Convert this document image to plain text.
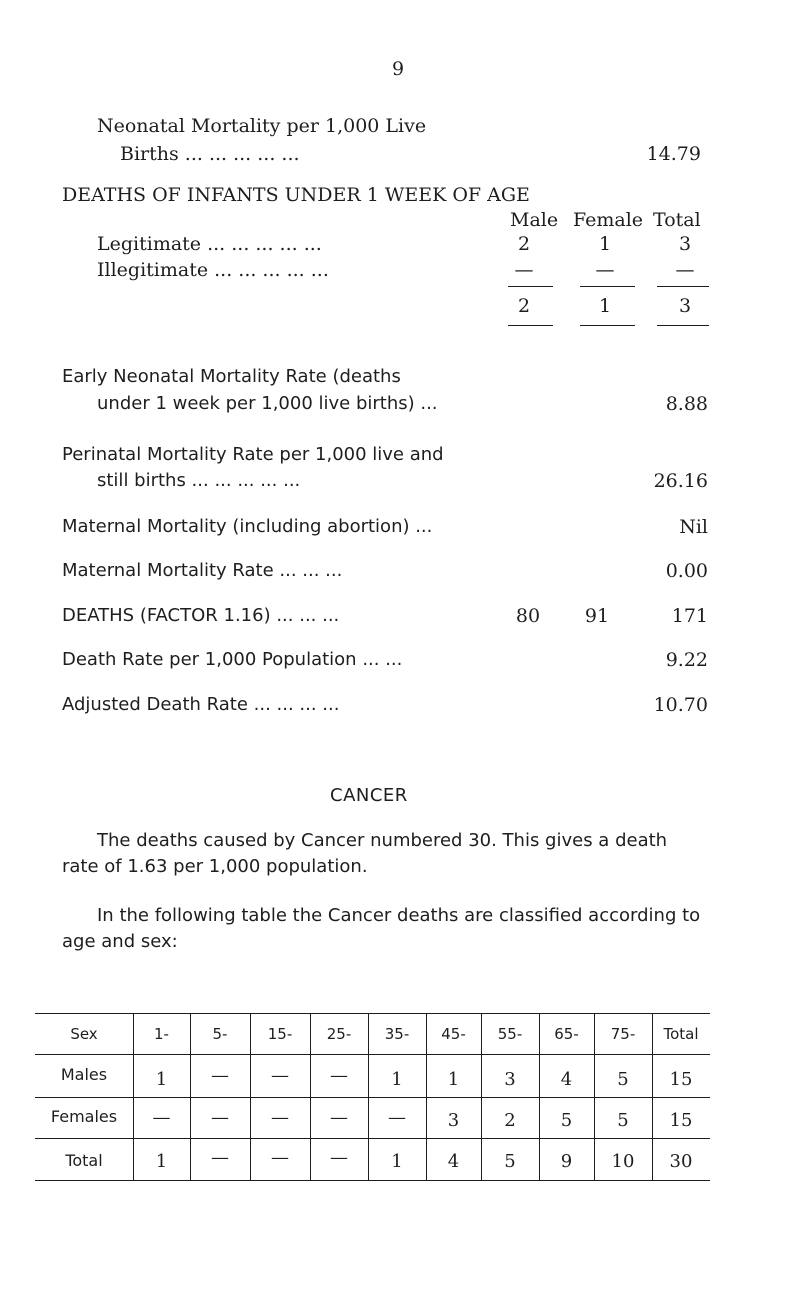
9
Neonatal Mortality per 1,000 Live
Births ... ... ... ... ...	14.79
DEATHS OF INFANTS UNDER 1 WEEK OF AGE
Male Female Total
Legitimate ... ... ... ... ...	2	1	3
Illegitimate ... ... ... ... ...	—	—	—
2	1	3
Early Neonatal Mortality Rate (deaths
under 1 week per 1,000 live births) ...	8.88
Perinatal Mortality Rate per 1,000 live and
still births ... ... ... ... ...	26.16
Maternal Mortality (including abortion) ...	Nil
Maternal Mortality Rate ... ... ...	0.00
DEATHS (FACTOR 1.16) ... ... ...	80	91	171
Death Rate per 1,000 Population ... ...	9.22
Adjusted Death Rate ... ... ... ...	10.70
CANCER
The deaths caused by Cancer numbered 30. This gives a death
rate of 1.63 per 1,000 population.
In the following table the Cancer deaths are classified according to
age and sex:
Sex	1-	5-	15-	25-	35-	45-	55-	65-	75-	Total
Males	1	—	—	—	1	1	3	4	5	15
Females	—	—	—	—	—	3	2	5	5	15
Total	1	—	—	—	1	4	5	9	10	30
